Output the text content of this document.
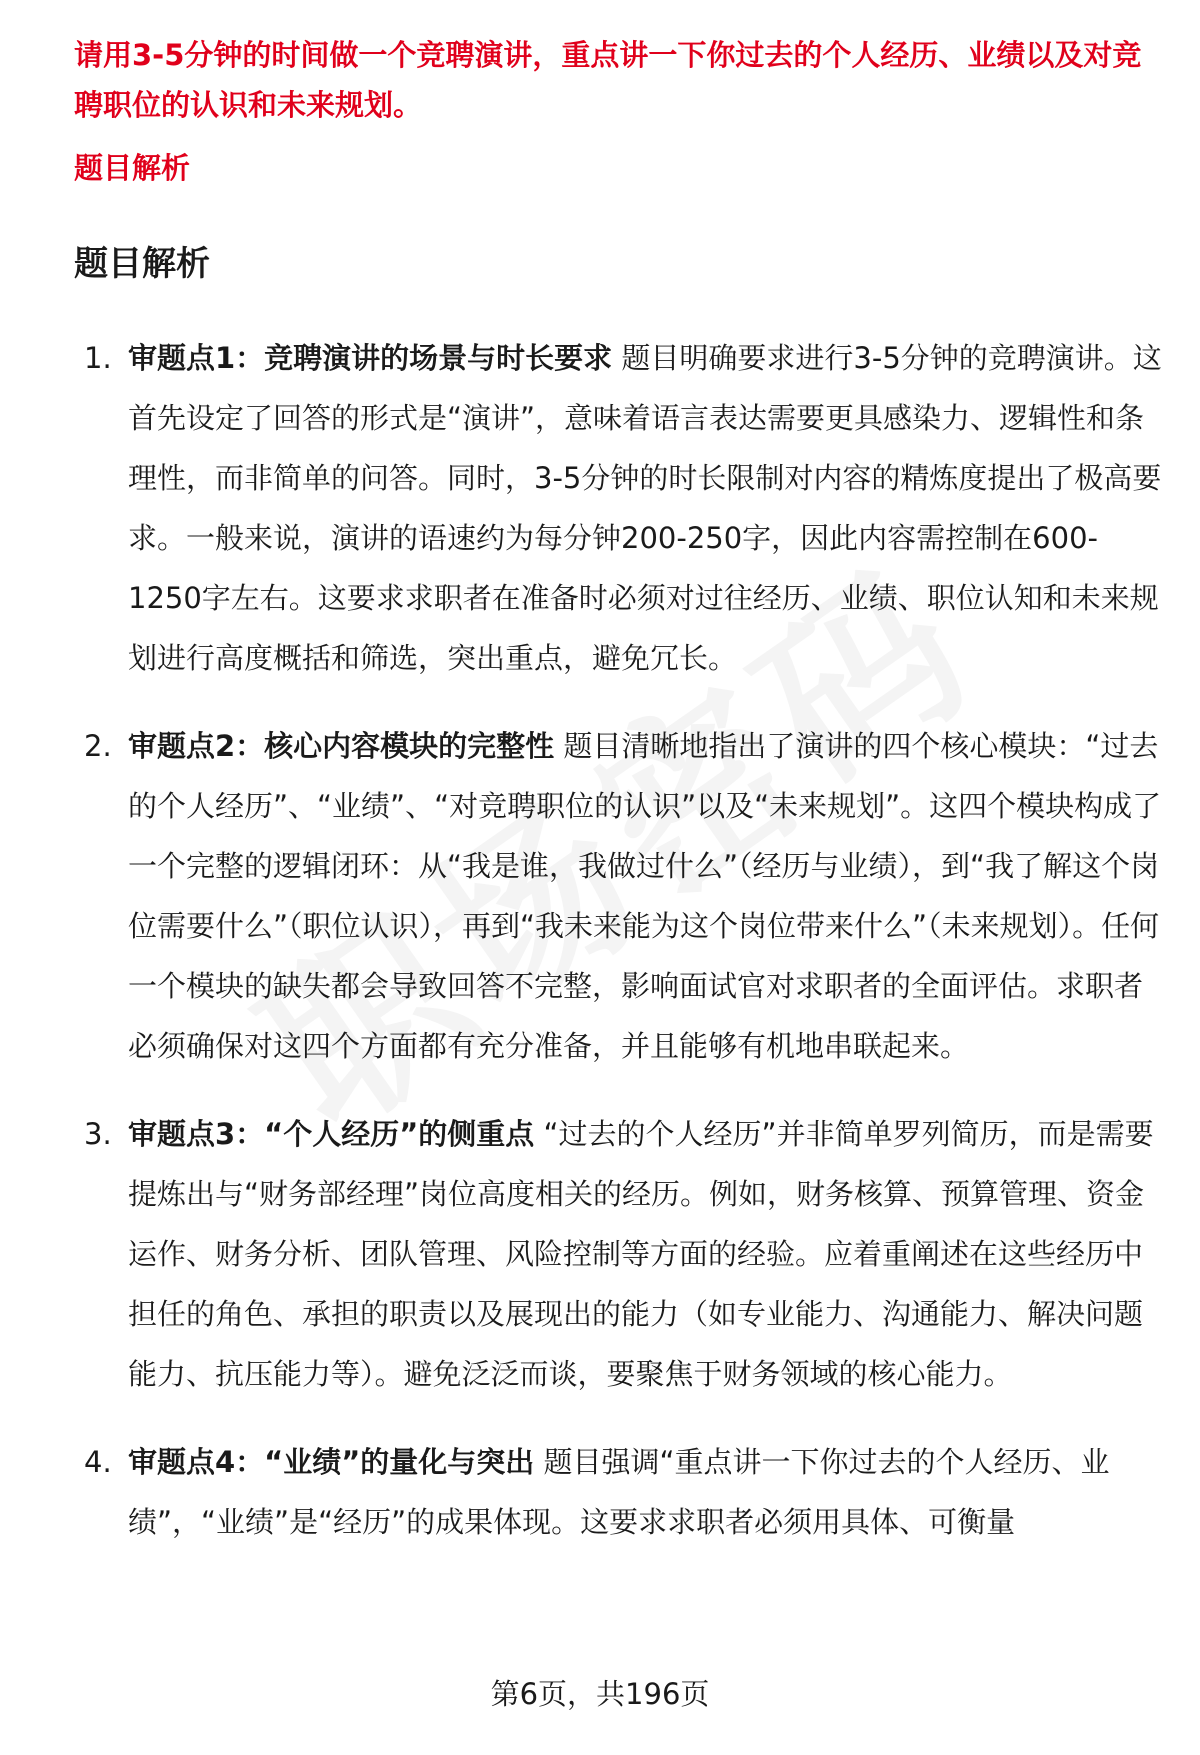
请用3-5分钟的时间做一个竞聘演讲，重点讲一下你过去的个人经历、业绩以及对竞聘职位的认识和未来规划。
题目解析
题目解析
1. 审题点1：竞聘演讲的场景与时长要求 题目明确要求进行3-5分钟的竞聘演讲。这首先设定了回答的形式是“演讲”，意味着语言表达需要更具感染力、逻辑性和条理性，而非简单的问答。同时，3-5分钟的时长限制对内容的精炼度提出了极高要求。一般来说，演讲的语速约为每分钟200-250字，因此内容需控制在600-1250字左右。这要求求职者在准备时必须对过往经历、业绩、职位认知和未来规划进行高度概括和筛选，突出重点，避免冗长。
2. 审题点2：核心内容模块的完整性 题目清晰地指出了演讲的四个核心模块：“过去的个人经历”、“业绩”、“对竞聘职位的认识”以及“未来规划”。这四个模块构成了一个完整的逻辑闭环：从“我是谁，我做过什么”（经历与业绩），到“我了解这个岗位需要什么”（职位认识），再到“我未来能为这个岗位带来什么”（未来规划）。任何一个模块的缺失都会导致回答不完整，影响面试官对求职者的全面评估。求职者必须确保对这四个方面都有充分准备，并且能够有机地串联起来。
3. 审题点3：“个人经历”的侧重点 “过去的个人经历”并非简单罗列简历，而是需要提炼出与“财务部经理”岗位高度相关的经历。例如，财务核算、预算管理、资金运作、财务分析、团队管理、风险控制等方面的经验。应着重阐述在这些经历中担任的角色、承担的职责以及展现出的能力（如专业能力、沟通能力、解决问题能力、抗压能力等）。避免泛泛而谈，要聚焦于财务领域的核心能力。
4. 审题点4：“业绩”的量化与突出 题目强调“重点讲一下你过去的个人经历、业绩”，“业绩”是“经历”的成果体现。这要求求职者必须用具体、可衡量
第6页，共196页
